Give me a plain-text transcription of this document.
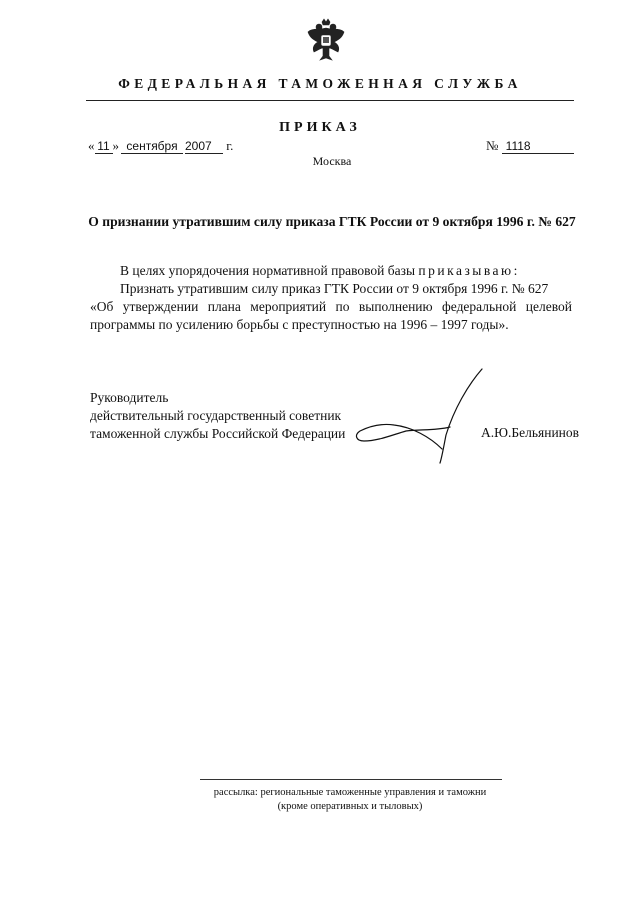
ФЕДЕРАЛЬНАЯ ТАМОЖЕННАЯ СЛУЖБА
ПРИКАЗ
« 11 » сентября 2007 г.	№ 1118
Москва
О признании утратившим силу приказа ГТК России от 9 октября 1996 г. № 627
В целях упорядочения нормативной правовой базы приказываю:
Признать утратившим силу приказ ГТК России от 9 октября 1996 г. № 627
«Об утверждении плана мероприятий по выполнению федеральной целевой
программы по усилению борьбы с преступностью на 1996 – 1997 годы».
Руководитель
действительный государственный советник
таможенной службы Российской Федерации	А.Ю.Бельянинов
рассылка: региональные таможенные управления и таможни
(кроме оперативных и тыловых)
